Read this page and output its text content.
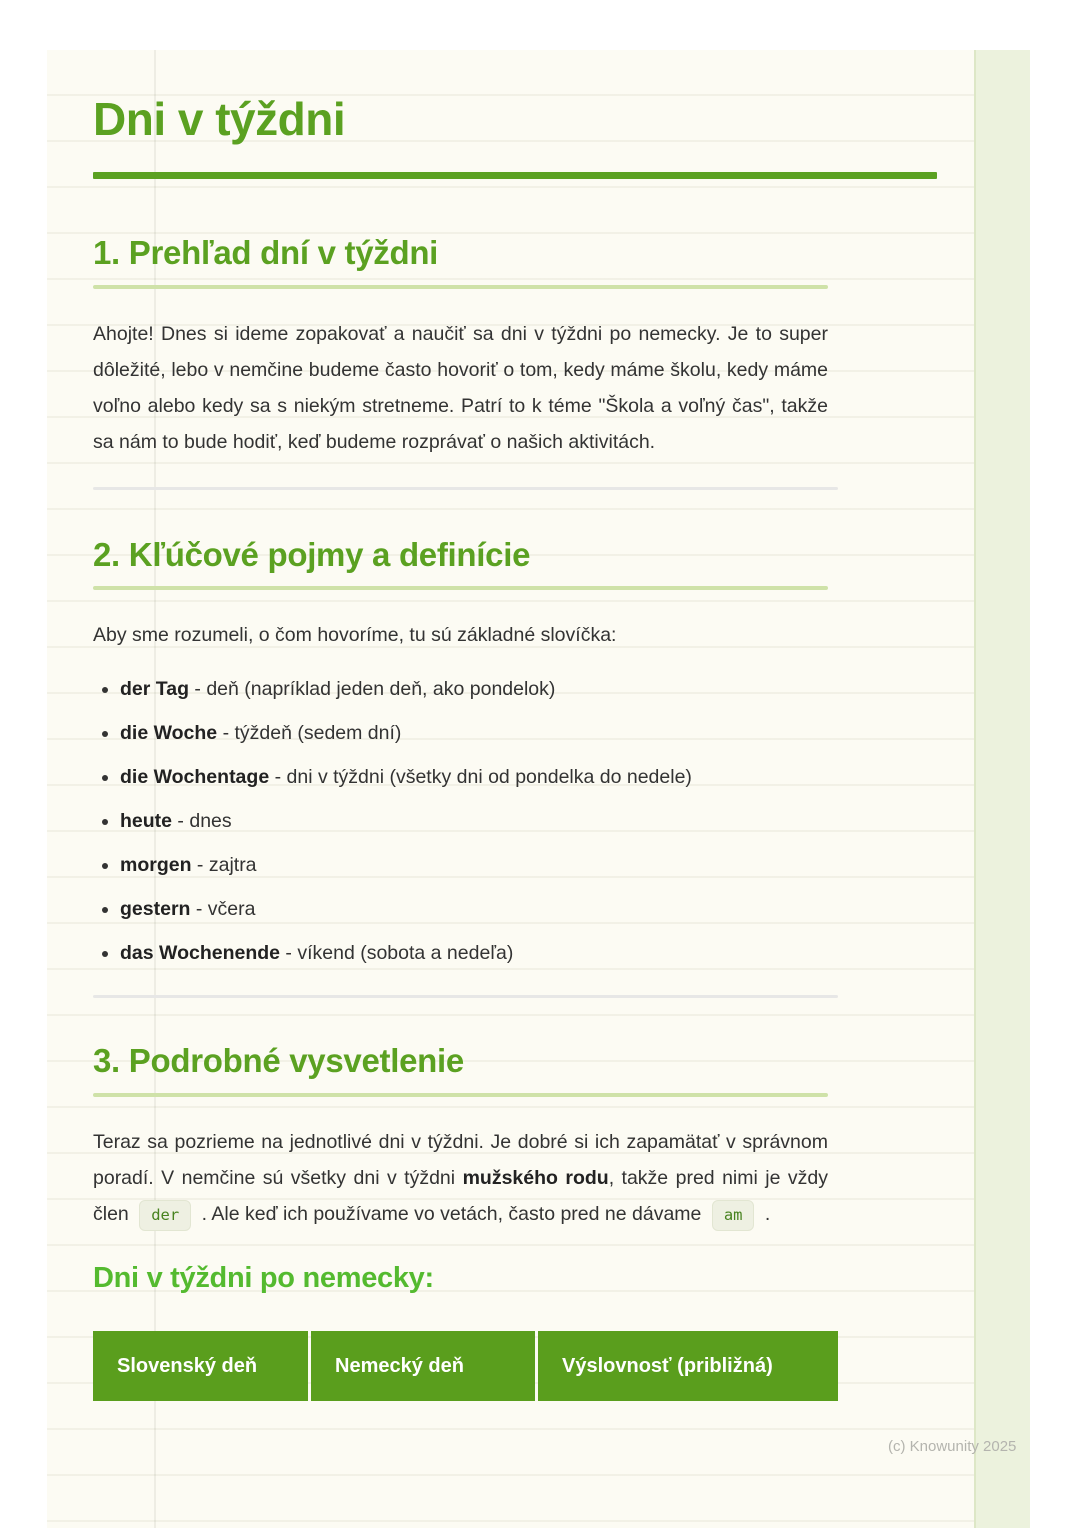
Dni v týždni
1. Prehľad dní v týždni

Ahojte! Dnes si ideme zopakovať a naučiť sa dni v týždni po nemecky. Je to super dôležité, lebo v nemčine budeme často hovoriť o tom, kedy máme školu, kedy máme voľno alebo kedy sa s niekým stretneme. Patrí to k téme "Škola a voľný čas", takže sa nám to bude hodiť, keď budeme rozprávať o našich aktivitách.

2. Kľúčové pojmy a definície

Aby sme rozumeli, o čom hovoríme, tu sú základné slovíčka:

• der Tag - deň (napríklad jeden deň, ako pondelok)
• die Woche - týždeň (sedem dní)
• die Wochentage - dni v týždni (všetky dni od pondelka do nedele)
• heute - dnes
• morgen - zajtra
• gestern - včera
• das Wochenende - víkend (sobota a nedeľa)
3. Podrobné vysvetlenie

Teraz sa pozrieme na jednotlivé dni v týždni. Je dobré si ich zapamätať v správnom poradí. V nemčine sú všetky dni v týždni mužského rodu, takže pred nimi je vždy člen der . Ale keď ich používame vo vetách, často pred ne dávame am .

Dni v týždni po nemecky:
Slovenský deň	Nemecký deň	Výslovnosť (približná)
(c) Knowunity 2025
